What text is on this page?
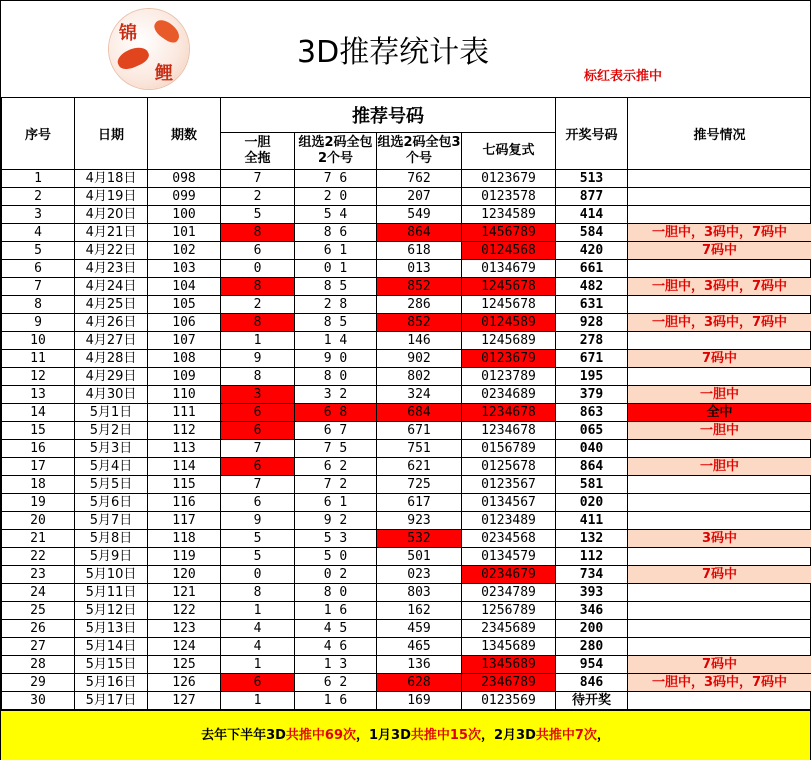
锦
鲤
3D推荐统计表
标红表示推中
序号	日期	期数	推荐号码				开奖号码	推号情况
			一胆
全拖	组选2码全包2个号	组选2码全包3个号	七码复式		
1	4月18日	098	7	7 6	762	0123679	513	
2	4月19日	099	2	2 0	207	0123578	877	
3	4月20日	100	5	5 4	549	1234589	414	
4	4月21日	101	8	8 6	864	1456789	584	一胆中，3码中，7码中
5	4月22日	102	6	6 1	618	0124568	420	7码中
6	4月23日	103	0	0 1	013	0134679	661	
7	4月24日	104	8	8 5	852	1245678	482	一胆中，3码中，7码中
8	4月25日	105	2	2 8	286	1245678	631	
9	4月26日	106	8	8 5	852	0124589	928	一胆中，3码中，7码中
10	4月27日	107	1	1 4	146	1245689	278	
11	4月28日	108	9	9 0	902	0123679	671	7码中
12	4月29日	109	8	8 0	802	0123789	195	
13	4月30日	110	3	3 2	324	0234689	379	一胆中
14	5月1日	111	6	6 8	684	1234678	863	全中
15	5月2日	112	6	6 7	671	1234678	065	一胆中
16	5月3日	113	7	7 5	751	0156789	040	
17	5月4日	114	6	6 2	621	0125678	864	一胆中
18	5月5日	115	7	7 2	725	0123567	581	
19	5月6日	116	6	6 1	617	0134567	020	
20	5月7日	117	9	9 2	923	0123489	411	
21	5月8日	118	5	5 3	532	0234568	132	3码中
22	5月9日	119	5	5 0	501	0134579	112	
23	5月10日	120	0	0 2	023	0234679	734	7码中
24	5月11日	121	8	8 0	803	0234789	393	
25	5月12日	122	1	1 6	162	1256789	346	
26	5月13日	123	4	4 5	459	2345689	200	
27	5月14日	124	4	4 6	465	1345689	280	
28	5月15日	125	1	1 3	136	1345689	954	7码中
29	5月16日	126	6	6 2	628	2346789	846	一胆中，3码中，7码中
30	5月17日	127	1	1 6	169	0123569	待开奖	
去年下半年3D共推中69次，1月3D共推中15次，2月3D共推中7次，
